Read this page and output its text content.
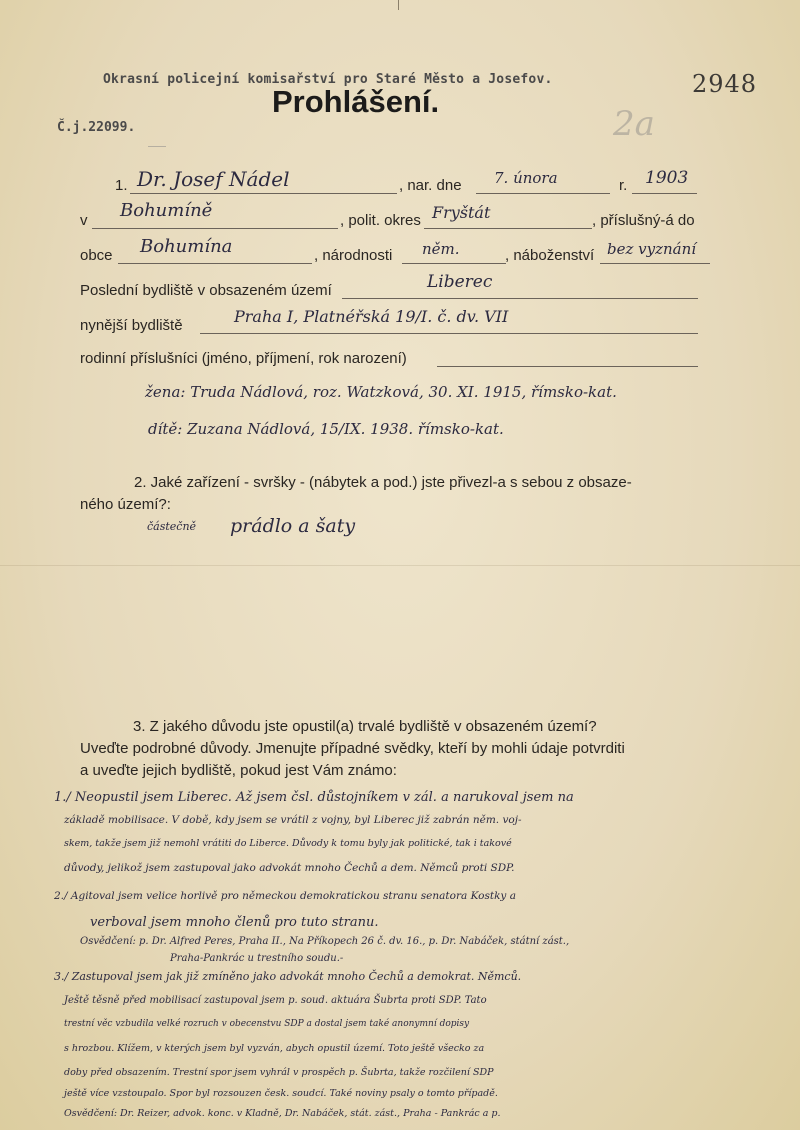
Okrasní policejní komisařství pro Staré Město a Josefov.	2948
Prohlášení.
Č.j.22099.	2a
1. Dr. Josef Nádel	, nar. dne 7. února	r. 1903
v Bohumíně	, polit. okres Fryštát	, příslušný-á do
obce Bohumína	, národnosti něm.	, náboženství bez vyznání
Poslední bydliště v obsazeném území	Liberec
nynější bydliště	Praha I, Platnéřská 19/I. č. dv. VII
rodinní příslušníci (jméno, příjmení, rok narození)
žena: Truda Nádlová, roz. Watzková, 30. XI. 1915, římsko-kat.
dítě: Zuzana Nádlová, 15/IX. 1938. římsko-kat.
2. Jaké zařízení - svršky - (nábytek a pod.) jste přivezl-a s sebou z obsaze-
ného území?:
částečně prádlo a šaty
3. Z jakého důvodu jste opustil(a) trvalé bydliště v obsazeném území?
Uveďte podrobné důvody. Jmenujte případné svědky, kteří by mohli údaje potvrditi
a uveďte jejich bydliště, pokud jest Vám známo:
1./ Neopustil jsem Liberec. Až jsem čsl. důstojníkem v zál. a narukoval jsem na
základě mobilisace. V době, kdy jsem se vrátil z vojny, byl Liberec již zabrán něm. voj-
skem, takže jsem již nemohl vrátiti do Liberce. Důvody k tomu byly jak politické, tak i takové
důvody, jelikož jsem zastupoval jako advokát mnoho Čechů a dem. Němců proti SDP.
2./ Agitoval jsem velice horlivě pro německou demokratickou stranu senatora Kostky a
verboval jsem mnoho členů pro tuto stranu.
Osvědčení: p. Dr. Alfred Peres, Praha II., Na Příkopech 26 č. dv. 16., p. Dr. Nabáček, státní zást.,
Praha-Pankrác u trestního soudu.-
3./ Zastupoval jsem jak již zmíněno jako advokát mnoho Čechů a demokrat. Němců.
Ještě těsně před mobilisací zastupoval jsem p. soud. aktuára Šubrta proti SDP. Tato
trestní věc vzbudila velké rozruch v obecenstvu SDP a dostal jsem také anonymní dopisy
s hrozbou. Klížem, v kterých jsem byl vyzván, abych opustil území. Toto ještě všecko za
doby před obsazením. Trestní spor jsem vyhrál v prospěch p. Šubrta, takže rozčilení SDP
ještě více vzstoupalo. Spor byl rozsouzen česk. soudcí. Také noviny psaly o tomto případě.
Osvědčení: Dr. Reizer, advok. konc. v Kladně, Dr. Nabáček, stát. zást., Praha - Pankrác a p.
